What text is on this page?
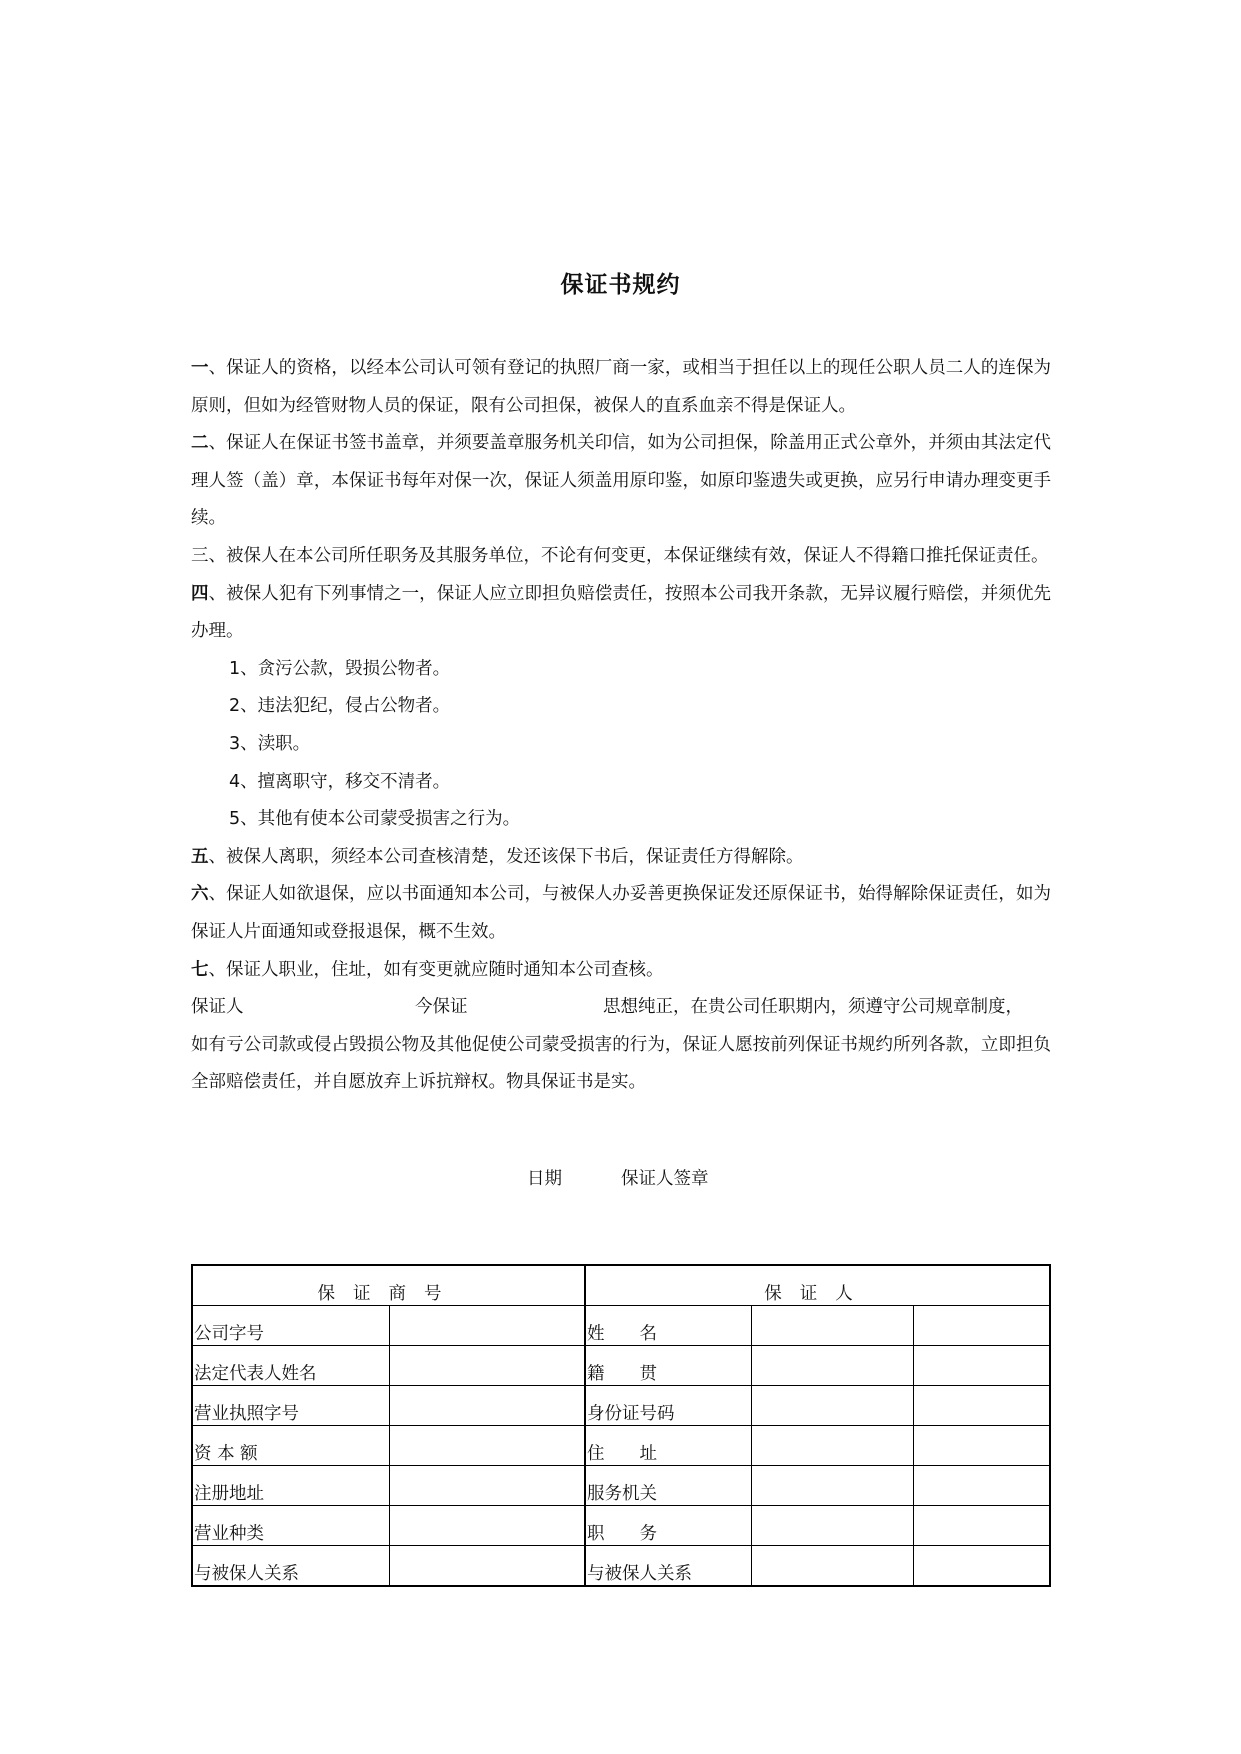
保证书规约

一、保证人的资格，以经本公司认可领有登记的执照厂商一家，或相当于担任以上的现任公职人员二人的连保为原则，但如为经管财物人员的保证，限有公司担保，被保人的直系血亲不得是保证人。

二、保证人在保证书签书盖章，并须要盖章服务机关印信，如为公司担保，除盖用正式公章外，并须由其法定代理人签（盖）章，本保证书每年对保一次，保证人须盖用原印鉴，如原印鉴遗失或更换，应另行申请办理变更手续。

三、被保人在本公司所任职务及其服务单位，不论有何变更，本保证继续有效，保证人不得籍口推托保证责任。

四、被保人犯有下列事情之一，保证人应立即担负赔偿责任，按照本公司我开条款，无异议履行赔偿，并须优先办理。

1、贪污公款，毁损公物者。

2、违法犯纪，侵占公物者。

3、渎职。

4、擅离职守，移交不清者。

5、其他有使本公司蒙受损害之行为。

五、被保人离职，须经本公司查核清楚，发还该保下书后，保证责任方得解除。

六、保证人如欲退保，应以书面通知本公司，与被保人办妥善更换保证发还原保证书，始得解除保证责任，如为保证人片面通知或登报退保，概不生效。

七、保证人职业，住址，如有变更就应随时通知本公司查核。

保证人	今保证	思想纯正，在贵公司任职期内，须遵守公司规章制度，

如有亏公司款或侵占毁损公物及其他促使公司蒙受损害的行为，保证人愿按前列保证书规约所列各款，立即担负全部赔偿责任，并自愿放弃上诉抗辩权。物具保证书是实。

日期	保证人签章
保证商号		保证人		
公司字号		姓　　名		
法定代表人姓名		籍　　贯		
营业执照字号		身份证号码		
资 本 额		住　　址		
注册地址		服务机关		
营业种类		职　　务		
与被保人关系		与被保人关系		
